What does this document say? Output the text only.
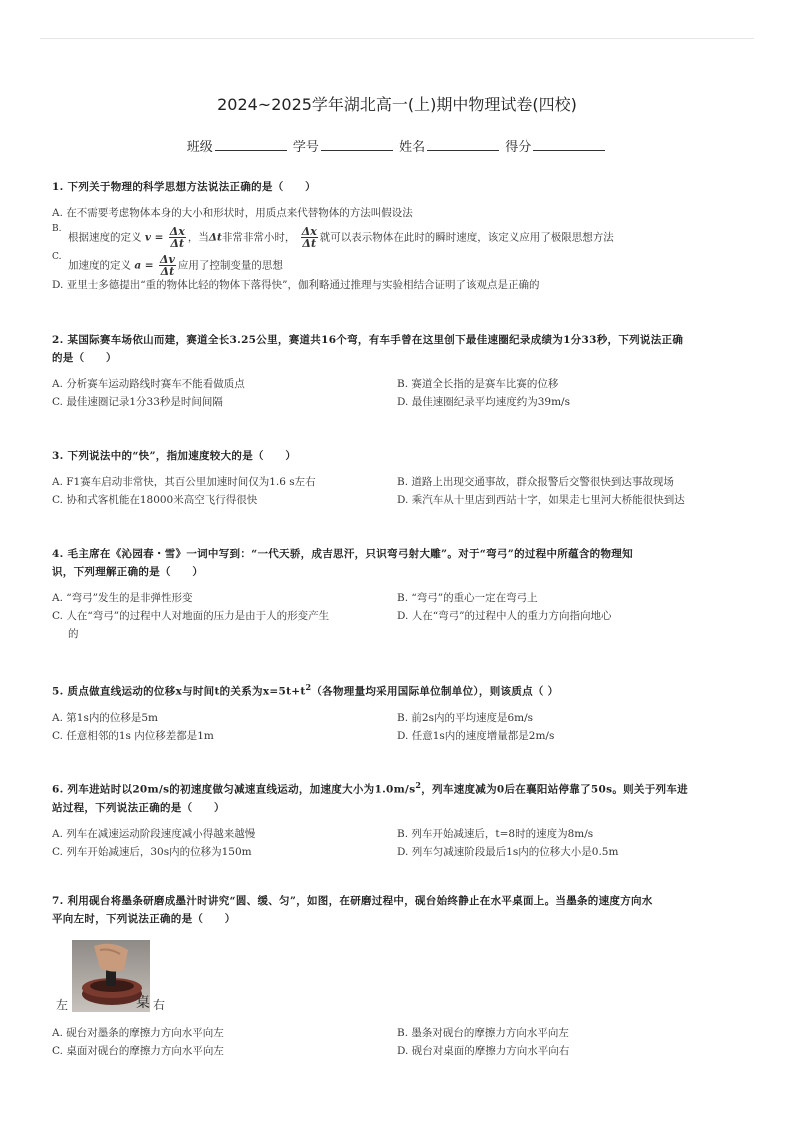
2024~2025学年湖北高一(上)期中物理试卷(四校)
班级	学号	姓名	得分
1. 下列关于物理的科学思想方法说法正确的是（　　）
A. 在不需要考虑物体本身的大小和形状时，用质点来代替物体的方法叫假设法
B.
根据速度的定义 $v = \frac{\Delta x}{\Delta t}$ ，当Δt非常非常小时， $\frac{\Delta x}{\Delta t}$ 就可以表示物体在此时的瞬时速度，该定义应用了极限思想方法
C.
加速度的定义 $a = \frac{\Delta v}{\Delta t}$ 应用了控制变量的思想
D. 亚里士多德提出“重的物体比轻的物体下落得快”，伽利略通过推理与实验相结合证明了该观点是正确的
2. 某国际赛车场依山而建，赛道全长3.25公里，赛道共16个弯，有车手曾在这里创下最佳速圈纪录成绩为1分33秒，下列说法正确
的是（　　）
A. 分析赛车运动路线时赛车不能看做质点	B. 赛道全长指的是赛车比赛的位移
C. 最佳速圈记录1分33秒是时间间隔	D. 最佳速圈纪录平均速度约为39m/s
3. 下列说法中的“快”，指加速度较大的是（　　）
A. F1赛车启动非常快，其百公里加速时间仅为1.6 s左右	B. 道路上出现交通事故，群众报警后交警很快到达事故现场
C. 协和式客机能在18000米高空飞行得很快	D. 乘汽车从十里店到西站十字，如果走七里河大桥能很快到达
4. 毛主席在《沁园春・雪》一词中写到：“一代天骄，成吉思汗，只识弯弓射大雕”。对于“弯弓”的过程中所蕴含的物理知
识，下列理解正确的是（　　）
A. “弯弓”发生的是非弹性形变	B. “弯弓”的重心一定在弯弓上
C. 人在“弯弓”的过程中人对地面的压力是由于人的形变产生
的
D. 人在“弯弓”的过程中人的重力方向指向地心
5. 质点做直线运动的位移x与时间t的关系为$x=5t+t^2$（各物理量均采用国际单位制单位），则该质点（ ）
A. 第1s内的位移是5m	B. 前2s内的平均速度是6m/s
C. 任意相邻的1s 内位移差都是1m	D. 任意1s内的速度增量都是2m/s
6. 列车进站时以20m/s的初速度做匀减速直线运动，加速度大小为$1.0m/s^2$，列车速度减为0后在襄阳站停靠了50s。则关于列车进
站过程，下列说法正确的是（　　）
A. 列车在减速运动阶段速度减小得越来越慢	B. 列车开始减速后，t=8时的速度为8m/s
C. 列车开始减速后，30s内的位移为150m	D. 列车匀减速阶段最后1s内的位移大小是0.5m
7. 利用砚台将墨条研磨成墨汁时讲究“圆、缓、匀”，如图，在研磨过程中，砚台始终静止在水平桌面上。当墨条的速度方向水
平向左时，下列说法正确的是（　　）
左	桌 右
A. 砚台对墨条的摩擦力方向水平向左	B. 墨条对砚台的摩擦力方向水平向左
C. 桌面对砚台的摩擦力方向水平向左	D. 砚台对桌面的摩擦力方向水平向右
